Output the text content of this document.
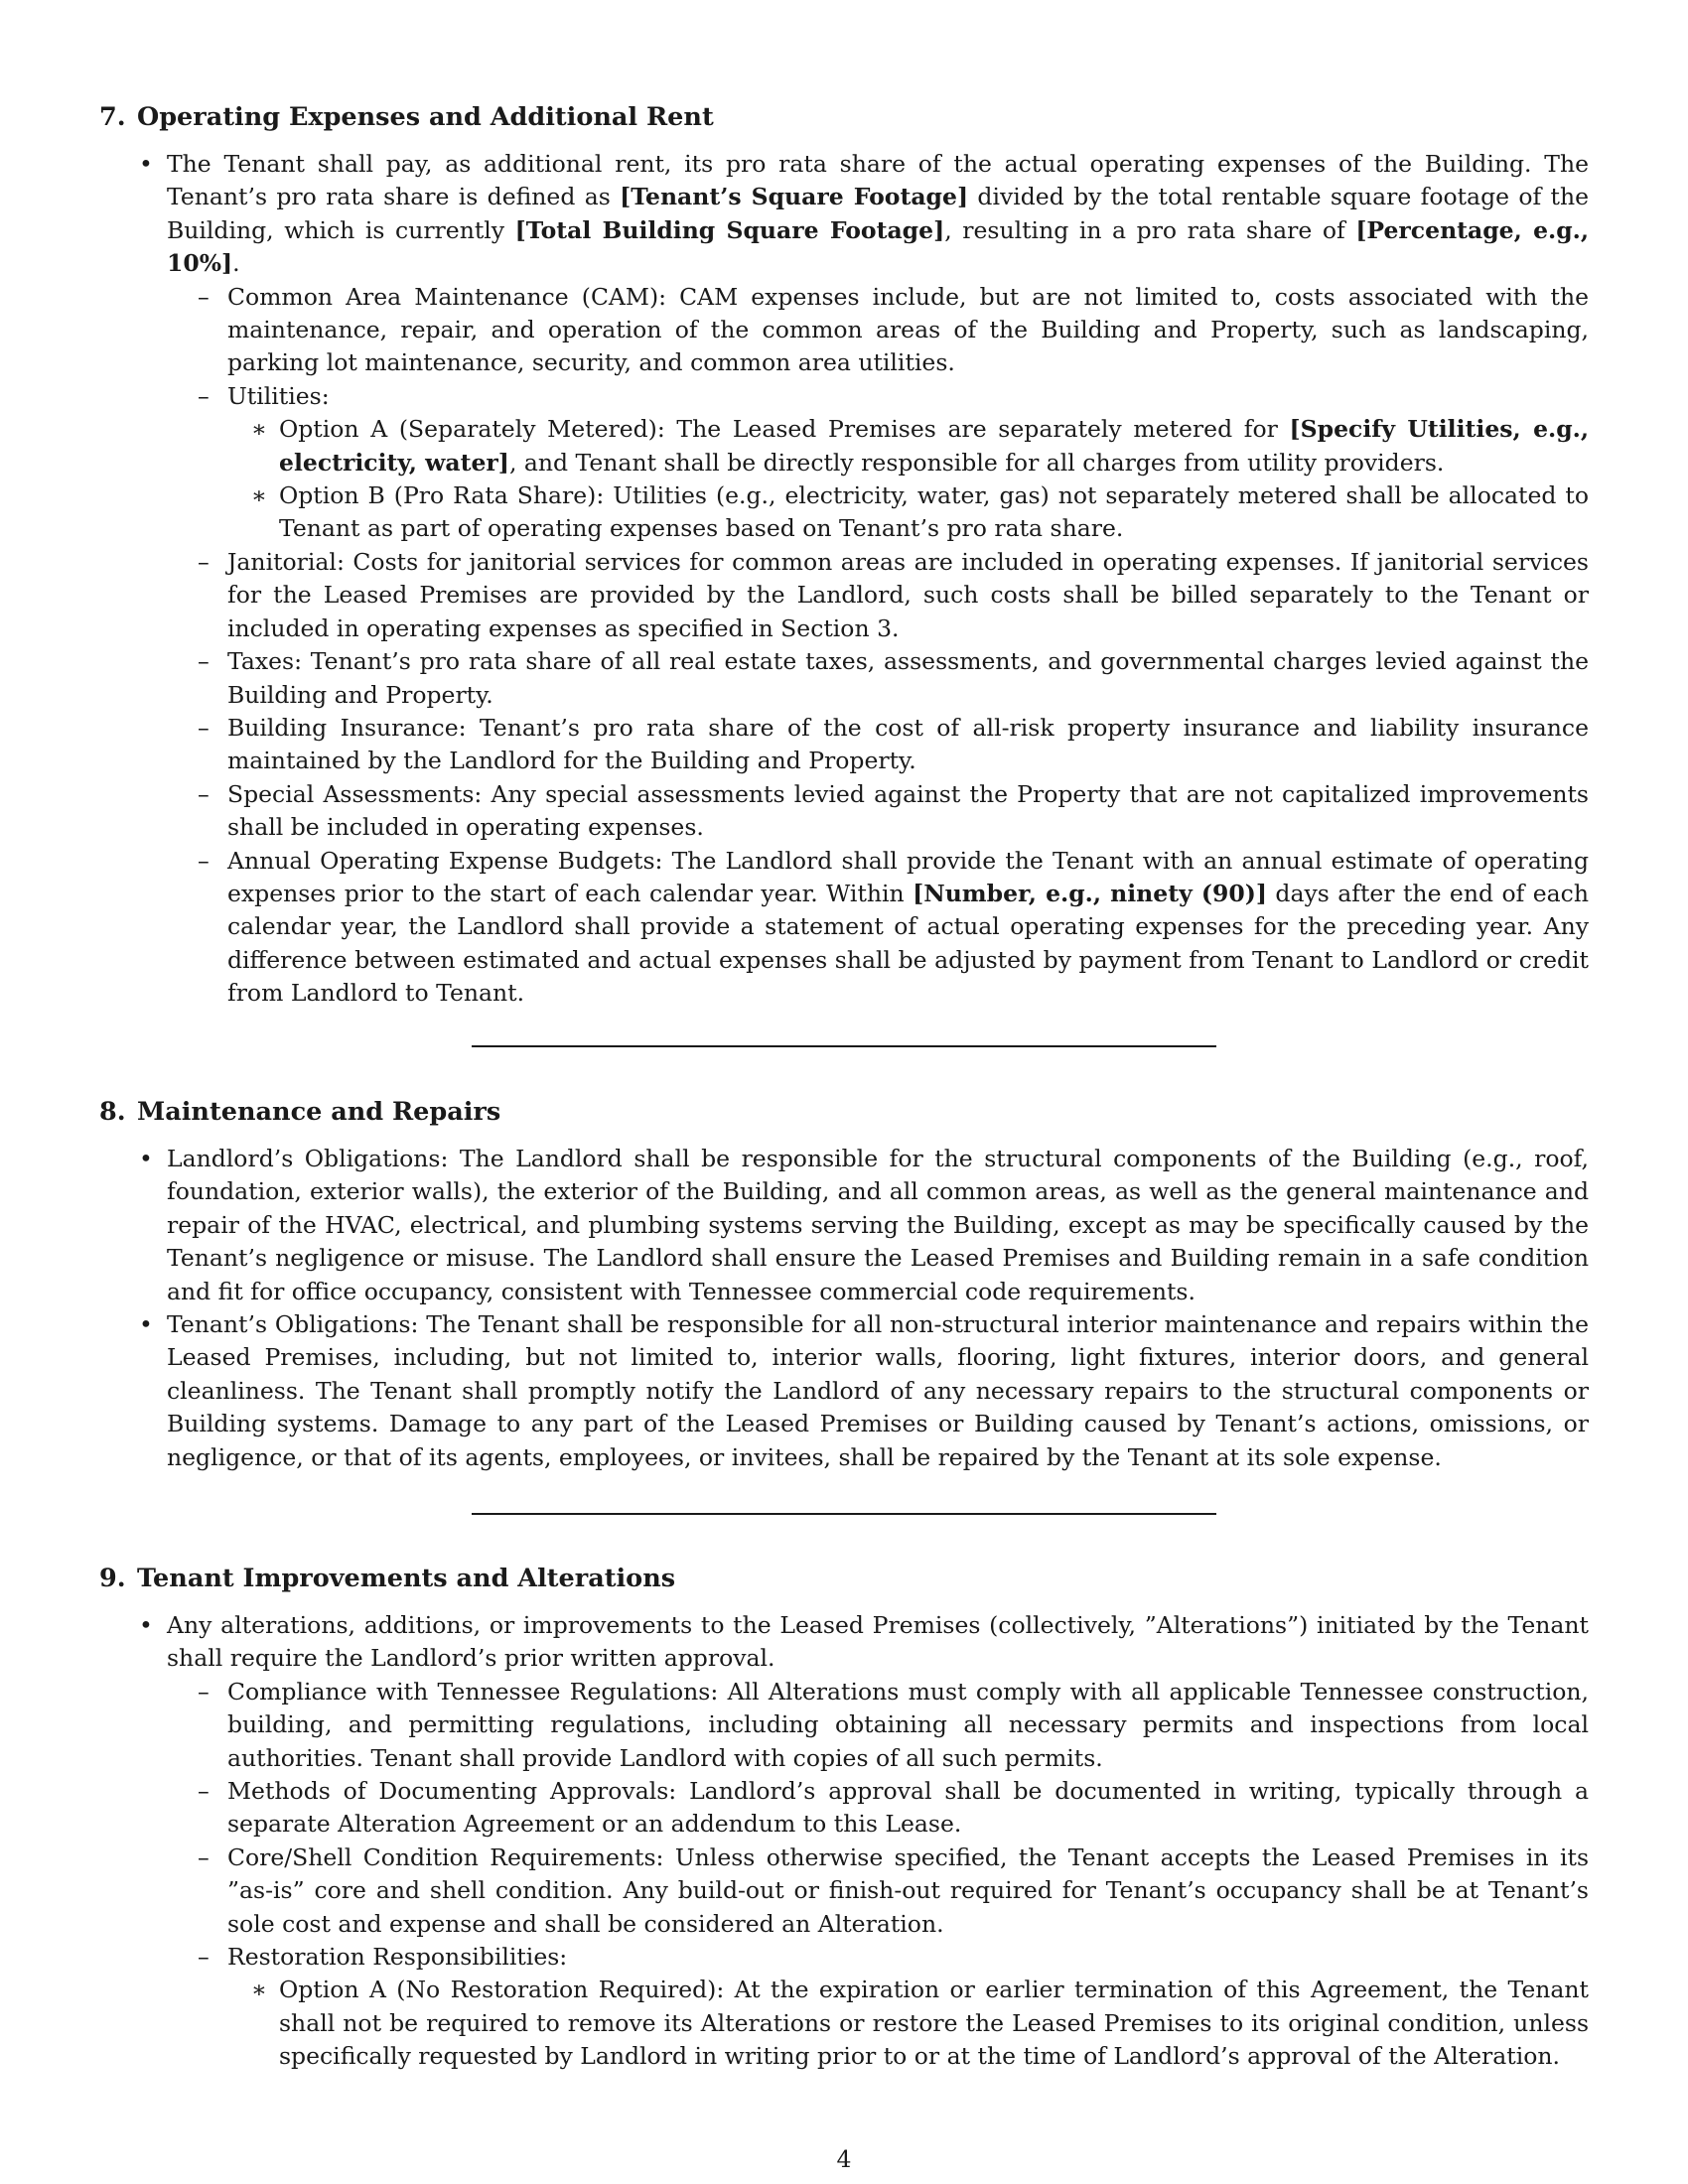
7. Operating Expenses and Additional Rent
• The Tenant shall pay, as additional rent, its pro rata share of the actual operating expenses of the Building. The Tenant’s pro rata share is defined as [Tenant’s Square Footage] divided by the total rentable square footage of the Building, which is currently [Total Building Square Footage], resulting in a pro rata share of [Percentage, e.g., 10%].
– Common Area Maintenance (CAM): CAM expenses include, but are not limited to, costs associated with the maintenance, repair, and operation of the common areas of the Building and Property, such as landscaping, parking lot maintenance, security, and common area utilities.
– Utilities:
∗ Option A (Separately Metered): The Leased Premises are separately metered for [Specify Utilities, e.g., electricity, water], and Tenant shall be directly responsible for all charges from utility providers.
∗ Option B (Pro Rata Share): Utilities (e.g., electricity, water, gas) not separately metered shall be allocated to Tenant as part of operating expenses based on Tenant’s pro rata share.
– Janitorial: Costs for janitorial services for common areas are included in operating expenses. If janitorial services for the Leased Premises are provided by the Landlord, such costs shall be billed separately to the Tenant or included in operating expenses as specified in Section 3.
– Taxes: Tenant’s pro rata share of all real estate taxes, assessments, and governmental charges levied against the Building and Property.
– Building Insurance: Tenant’s pro rata share of the cost of all-risk property insurance and liability insurance maintained by the Landlord for the Building and Property.
– Special Assessments: Any special assessments levied against the Property that are not capitalized improvements shall be included in operating expenses.
– Annual Operating Expense Budgets: The Landlord shall provide the Tenant with an annual estimate of operating expenses prior to the start of each calendar year. Within [Number, e.g., ninety (90)] days after the end of each calendar year, the Landlord shall provide a statement of actual operating expenses for the preceding year. Any difference between estimated and actual expenses shall be adjusted by payment from Tenant to Landlord or credit from Landlord to Tenant.
8. Maintenance and Repairs
• Landlord’s Obligations: The Landlord shall be responsible for the structural components of the Building (e.g., roof, foundation, exterior walls), the exterior of the Building, and all common areas, as well as the general maintenance and repair of the HVAC, electrical, and plumbing systems serving the Building, except as may be specifically caused by the Tenant’s negligence or misuse. The Landlord shall ensure the Leased Premises and Building remain in a safe condition and fit for office occupancy, consistent with Tennessee commercial code requirements.
• Tenant’s Obligations: The Tenant shall be responsible for all non-structural interior maintenance and repairs within the Leased Premises, including, but not limited to, interior walls, flooring, light fixtures, interior doors, and general cleanliness. The Tenant shall promptly notify the Landlord of any necessary repairs to the structural components or Building systems. Damage to any part of the Leased Premises or Building caused by Tenant’s actions, omissions, or negligence, or that of its agents, employees, or invitees, shall be repaired by the Tenant at its sole expense.
9. Tenant Improvements and Alterations
• Any alterations, additions, or improvements to the Leased Premises (collectively, ”Alterations”) initiated by the Tenant shall require the Landlord’s prior written approval.
– Compliance with Tennessee Regulations: All Alterations must comply with all applicable Tennessee construction, building, and permitting regulations, including obtaining all necessary permits and inspections from local authorities. Tenant shall provide Landlord with copies of all such permits.
– Methods of Documenting Approvals: Landlord’s approval shall be documented in writing, typically through a separate Alteration Agreement or an addendum to this Lease.
– Core/Shell Condition Requirements: Unless otherwise specified, the Tenant accepts the Leased Premises in its ”as-is” core and shell condition. Any build-out or finish-out required for Tenant’s occupancy shall be at Tenant’s sole cost and expense and shall be considered an Alteration.
– Restoration Responsibilities:
∗ Option A (No Restoration Required): At the expiration or earlier termination of this Agreement, the Tenant shall not be required to remove its Alterations or restore the Leased Premises to its original condition, unless specifically requested by Landlord in writing prior to or at the time of Landlord’s approval of the Alteration.
4
